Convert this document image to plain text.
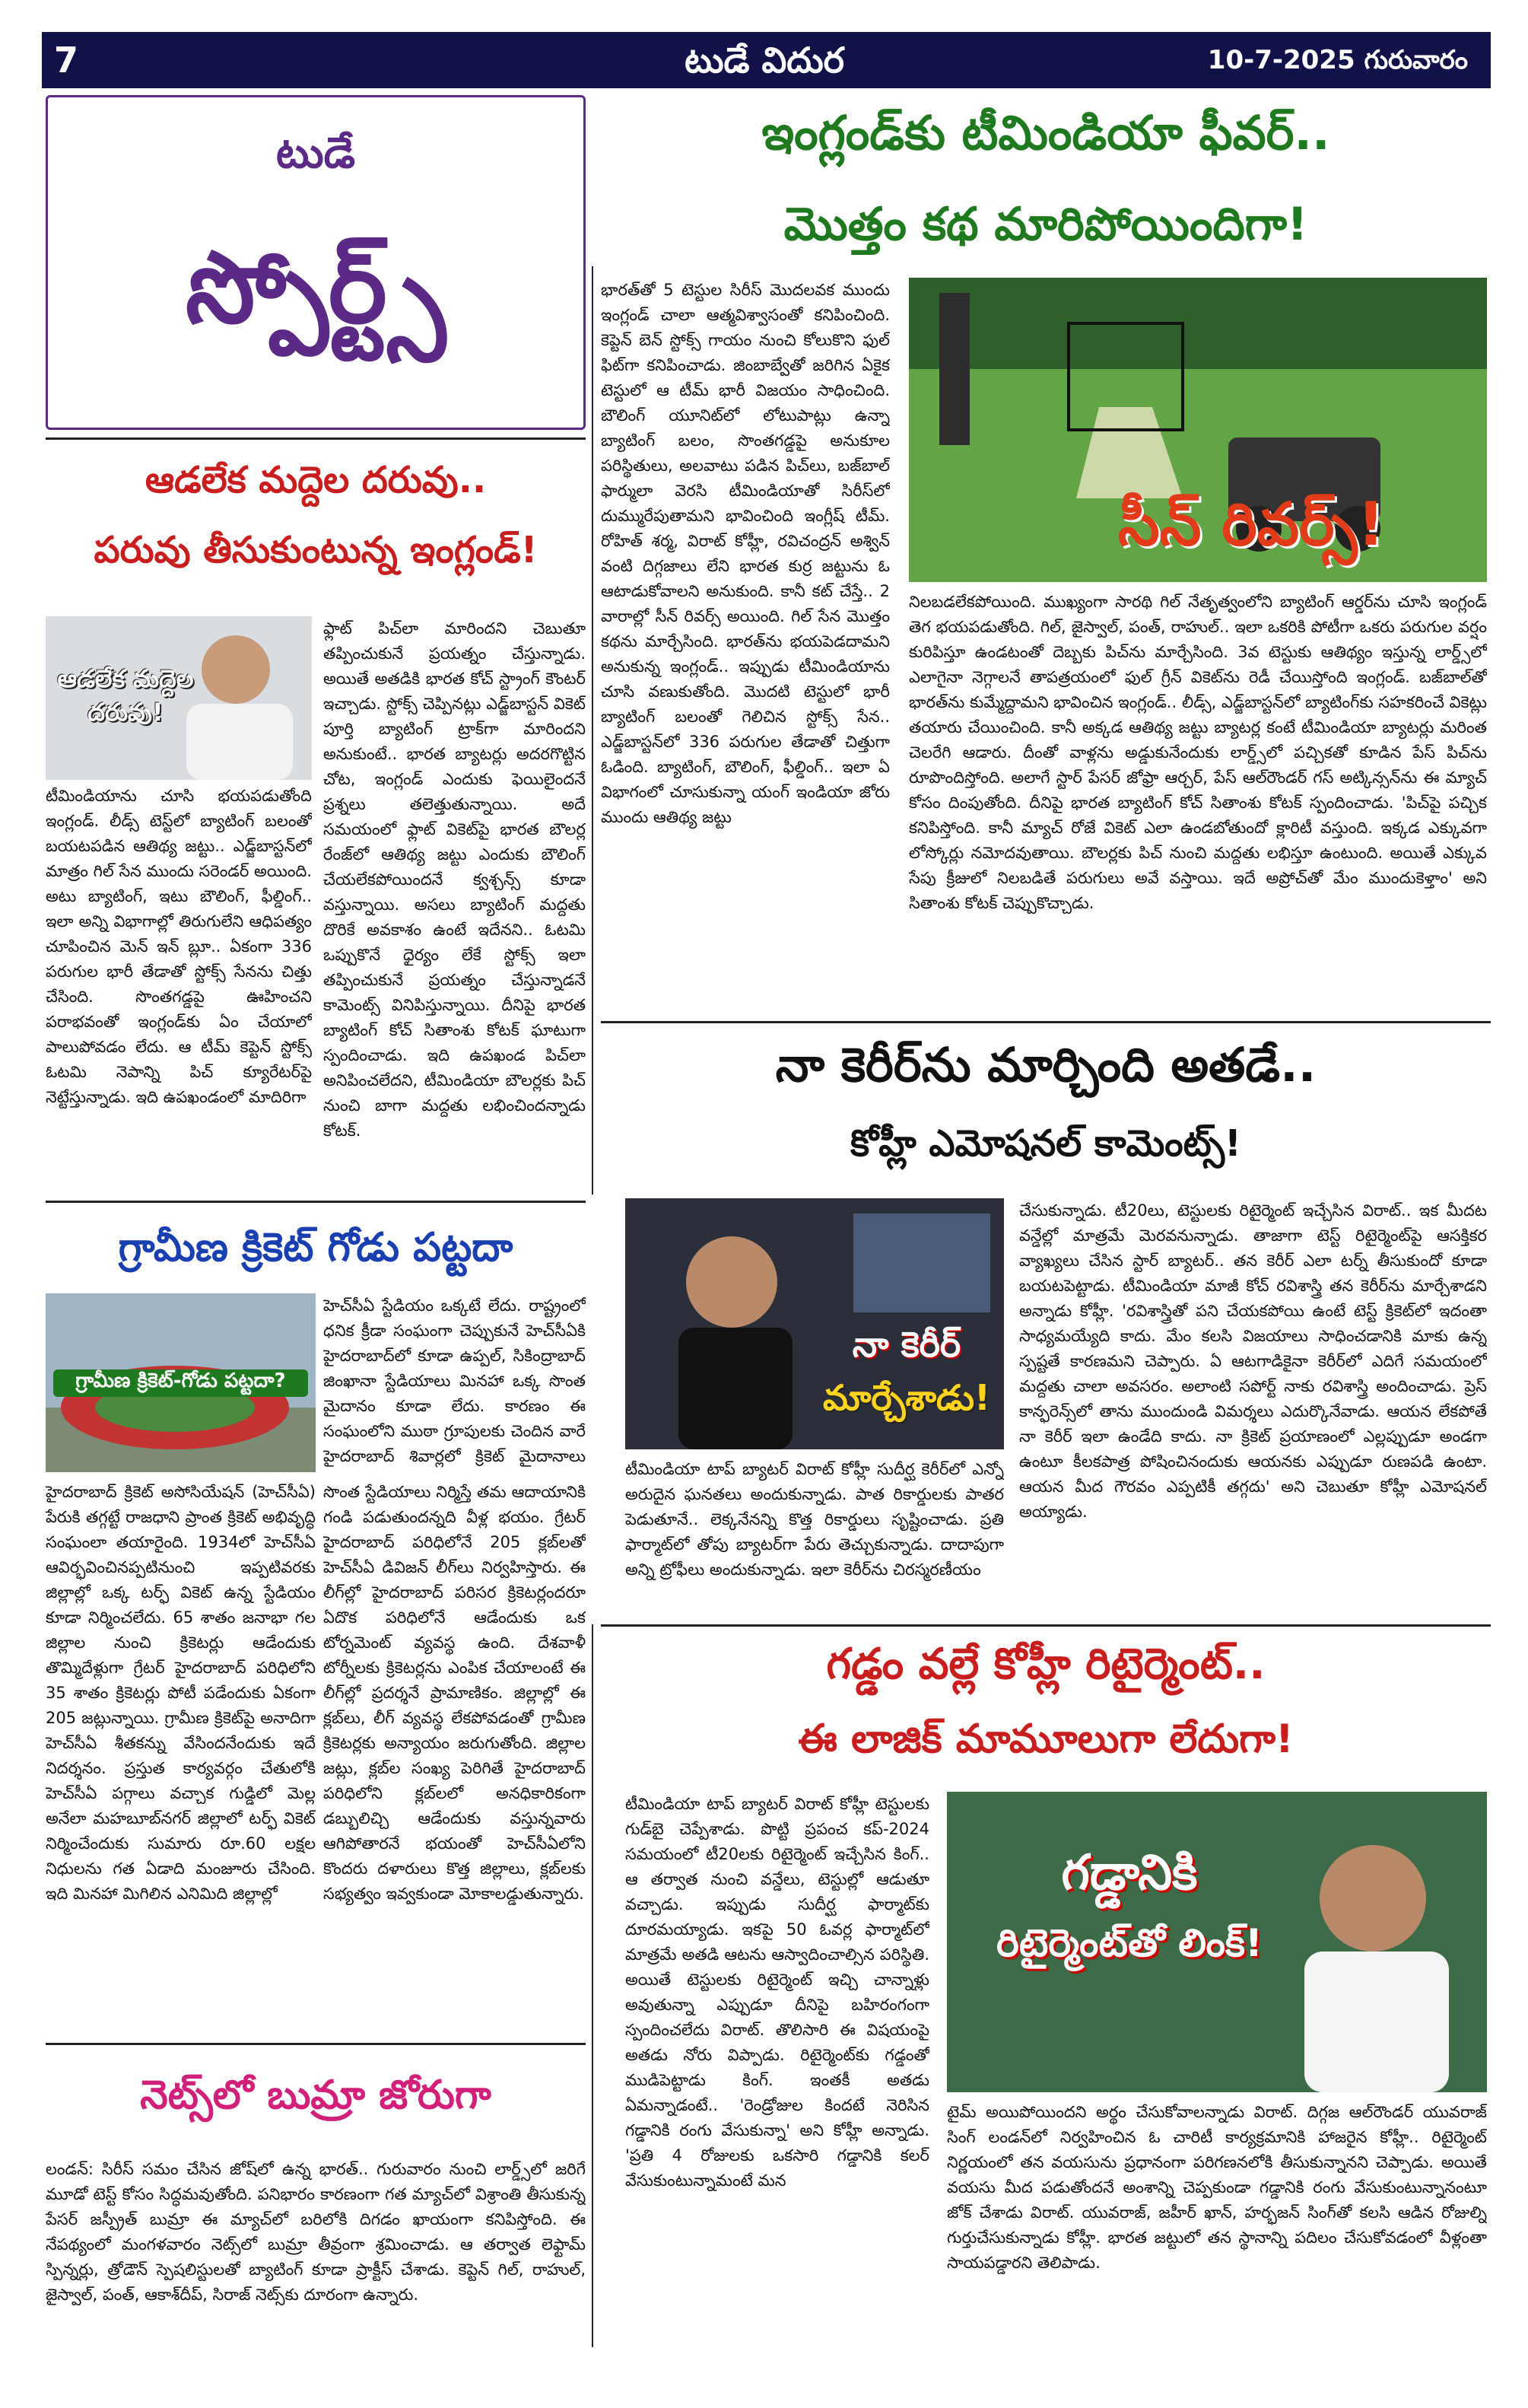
7	టుడే విదుర	10-7-2025 గురువారం
టుడే
స్పోర్ట్స్
ఇంగ్లండ్‌కు టీమిండియా ఫీవర్..
మొత్తం కథ మారిపోయిందిగా!
భారత్‌తో 5 టెస్టుల సిరీస్ మొదలవక ముందు ఇంగ్లండ్ చాలా ఆత్మవిశ్వాసంతో కనిపించింది. కెప్టెన్ బెన్ స్టోక్స్ గాయం నుంచి కోలుకొని ఫుల్ ఫిట్‌గా కనిపించాడు. జింబాబ్వేతో జరిగిన ఏకైక టెస్టులో ఆ టీమ్ భారీ విజయం సాధించింది. బౌలింగ్ యూనిట్‌లో లోటుపాట్లు ఉన్నా బ్యాటింగ్ బలం, సొంతగడ్డపై అనుకూల పరిస్థితులు, అలవాటు పడిన పిచ్‌లు, బజ్‌బాల్ ఫార్ములా వెరసి టీమిండియాతో సిరీస్‌లో దుమ్మురేపుతామని భావించింది ఇంగ్లీష్ టీమ్. రోహిత్ శర్మ, విరాట్ కోహ్లీ, రవిచంద్రన్ అశ్విన్ వంటి దిగ్గజాలు లేని భారత కుర్ర జట్టును ఓ ఆటాడుకోవాలని అనుకుంది. కానీ కట్ చేస్తే.. 2 వారాల్లో సీన్ రివర్స్ అయింది. గిల్ సేన మొత్తం కథను మార్చేసింది. భారత్‌ను భయపెడదామని అనుకున్న ఇంగ్లండ్.. ఇప్పుడు టీమిండియాను చూసి వణుకుతోంది. మొదటి టెస్టులో భారీ బ్యాటింగ్ బలంతో గెలిచిన స్టోక్స్ సేన.. ఎడ్జ్‌బాస్టన్‌లో 336 పరుగుల తేడాతో చిత్తుగా ఓడింది. బ్యాటింగ్, బౌలింగ్, ఫీల్డింగ్.. ఇలా ఏ విభాగంలో చూసుకున్నా యంగ్ ఇండియా జోరు ముందు ఆతిథ్య జట్టు
సీన్ రివర్స్!
నిలబడలేకపోయింది. ముఖ్యంగా సారథి గిల్ నేతృత్వంలోని బ్యాటింగ్ ఆర్డర్‌ను చూసి ఇంగ్లండ్ తెగ భయపడుతోంది. గిల్, జైస్వాల్, పంత్, రాహుల్.. ఇలా ఒకరికి పోటీగా ఒకరు పరుగుల వర్షం కురిపిస్తూ ఉండటంతో దెబ్బకు పిచ్‌ను మార్చేసింది. 3వ టెస్టుకు ఆతిథ్యం ఇస్తున్న లార్డ్స్‌లో ఎలాగైనా నెగ్గాలనే తాపత్రయంలో ఫుల్ గ్రీన్ వికెట్‌ను రెడీ చేయిస్తోంది ఇంగ్లండ్. బజ్‌బాల్‌తో భారత్‌ను కుమ్మేద్దామని భావించిన ఇంగ్లండ్.. లీడ్స్, ఎడ్జ్‌బాస్టన్‌లో బ్యాటింగ్‌కు సహకరించే వికెట్లు తయారు చేయించింది. కానీ అక్కడ ఆతిథ్య జట్టు బ్యాటర్ల కంటే టీమిండియా బ్యాటర్లు మరింత చెలరేగి ఆడారు. దీంతో వాళ్లను అడ్డుకునేందుకు లార్డ్స్‌లో పచ్చికతో కూడిన పేస్ పిచ్‌ను రూపొందిస్తోంది. అలాగే స్టార్ పేసర్ జోఫ్రా ఆర్చర్, పేస్ ఆల్‌రౌండర్ గస్ అట్కిన్సన్‌ను ఈ మ్యాచ్ కోసం దింపుతోంది. దీనిపై భారత బ్యాటింగ్ కోచ్ సితాంశు కోటక్ స్పందించాడు. 'పిచ్‌పై పచ్చిక కనిపిస్తోంది. కానీ మ్యాచ్ రోజే వికెట్ ఎలా ఉండబోతుందో క్లారిటీ వస్తుంది. ఇక్కడ ఎక్కువగా లోస్కోర్లు నమోదవుతాయి. బౌలర్లకు పిచ్ నుంచి మద్దతు లభిస్తూ ఉంటుంది. అయితే ఎక్కువ సేపు క్రీజులో నిలబడితే పరుగులు అవే వస్తాయి. ఇదే అప్రోచ్‌తో మేం ముందుకెళ్తాం' అని సితాంశు కోటక్ చెప్పుకొచ్చాడు.
ఆడలేక మద్దెల దరువు..
పరువు తీసుకుంటున్న ఇంగ్లండ్!
ఆడలేక మద్దెల దరువు!
టీమిండియాను చూసి భయపడుతోంది ఇంగ్లండ్. లీడ్స్ టెస్ట్‌లో బ్యాటింగ్ బలంతో బయటపడిన ఆతిథ్య జట్టు.. ఎడ్జ్‌బాస్టన్‌లో మాత్రం గిల్ సేన ముందు సరెండర్ అయింది. అటు బ్యాటింగ్, ఇటు బౌలింగ్, ఫీల్డింగ్.. ఇలా అన్ని విభాగాల్లో తిరుగులేని ఆధిపత్యం చూపించిన మెన్ ఇన్ బ్లూ.. ఏకంగా 336 పరుగుల భారీ తేడాతో స్టోక్స్ సేనను చిత్తు చేసింది. సొంతగడ్డపై ఊహించని పరాభవంతో ఇంగ్లండ్‌కు ఏం చేయాలో పాలుపోవడం లేదు. ఆ టీమ్ కెప్టెన్ స్టోక్స్ ఓటమి నెపాన్ని పిచ్ క్యూరేటర్‌పై నెట్టేస్తున్నాడు. ఇది ఉపఖండంలో మాదిరిగా
ఫ్లాట్ పిచ్‌లా మారిందని చెబుతూ తప్పించుకునే ప్రయత్నం చేస్తున్నాడు. అయితే అతడికి భారత కోచ్ స్ట్రాంగ్ కౌంటర్ ఇచ్చాడు. స్టోక్స్ చెప్పినట్లు ఎడ్జ్‌బాస్టన్ వికెట్ పూర్తి బ్యాటింగ్ ట్రాక్‌గా మారిందని అనుకుంటే.. భారత బ్యాటర్లు అదరగొట్టిన చోట, ఇంగ్లండ్ ఎందుకు ఫెయిలైందనే ప్రశ్నలు తలెత్తుతున్నాయి. అదే సమయంలో ఫ్లాట్ వికెట్‌పై భారత బౌలర్ల రేంజ్‌లో ఆతిథ్య జట్టు ఎందుకు బౌలింగ్ చేయలేకపోయిందనే క్వశ్చన్స్ కూడా వస్తున్నాయి. అసలు బ్యాటింగ్ మద్దతు దొరికే అవకాశం ఉంటే ఇదేనని.. ఓటమి ఒప్పుకొనే ధైర్యం లేకే స్టోక్స్ ఇలా తప్పించుకునే ప్రయత్నం చేస్తున్నాడనే కామెంట్స్ వినిపిస్తున్నాయి. దీనిపై భారత బ్యాటింగ్ కోచ్ సితాంశు కోటక్ ఘాటుగా స్పందించాడు. ఇది ఉపఖండ పిచ్‌లా అనిపించలేదని, టీమిండియా బౌలర్లకు పిచ్ నుంచి బాగా మద్దతు లభించిందన్నాడు కోటక్.
నా కెరీర్‌ను మార్చింది అతడే..
కోహ్లీ ఎమోషనల్ కామెంట్స్!
నా కెరీర్
మార్చేశాడు!
టీమిండియా టాప్ బ్యాటర్ విరాట్ కోహ్లీ సుదీర్ఘ కెరీర్‌లో ఎన్నో అరుదైన ఘనతలు అందుకున్నాడు. పాత రికార్డులకు పాతర పెడుతూనే.. లెక్కనేనన్ని కొత్త రికార్డులు సృష్టించాడు. ప్రతి ఫార్మాట్‌లో తోపు బ్యాటర్‌గా పేరు తెచ్చుకున్నాడు. దాదాపుగా అన్ని ట్రోఫీలు అందుకున్నాడు. ఇలా కెరీర్‌ను చిరస్మరణీయం
చేసుకున్నాడు. టీ20లు, టెస్టులకు రిటైర్మెంట్ ఇచ్చేసిన విరాట్.. ఇక మీదట వన్డేల్లో మాత్రమే మెరవనున్నాడు. తాజాగా టెస్ట్ రిటైర్మెంట్‌పై ఆసక్తికర వ్యాఖ్యలు చేసిన స్టార్ బ్యాటర్.. తన కెరీర్ ఎలా టర్న్ తీసుకుందో కూడా బయటపెట్టాడు. టీమిండియా మాజీ కోచ్ రవిశాస్త్రి తన కెరీర్‌ను మార్చేశాడని అన్నాడు కోహ్లీ. 'రవిశాస్త్రితో పని చేయకపోయి ఉంటే టెస్ట్ క్రికెట్‌లో ఇదంతా సాధ్యమయ్యేది కాదు. మేం కలసి విజయాలు సాధించడానికి మాకు ఉన్న స్పష్టతే కారణమని చెప్పారు. ఏ ఆటగాడికైనా కెరీర్‌లో ఎదిగే సమయంలో మద్దతు చాలా అవసరం. అలాంటి సపోర్ట్ నాకు రవిశాస్త్రి అందించాడు. ప్రెస్ కాన్ఫరెన్స్‌లో తాను ముందుండి విమర్శలు ఎదుర్కొనేవాడు. ఆయన లేకపోతే నా కెరీర్ ఇలా ఉండేది కాదు. నా క్రికెట్ ప్రయాణంలో ఎల్లప్పుడూ అండగా ఉంటూ కీలకపాత్ర పోషించినందుకు ఆయనకు ఎప్పుడూ రుణపడి ఉంటా. ఆయన మీద గౌరవం ఎప్పటికీ తగ్గదు' అని చెబుతూ కోహ్లీ ఎమోషనల్ అయ్యాడు.
గ్రామీణ క్రికెట్ గోడు పట్టదా
గ్రామీణ క్రికెట్-గోడు పట్టదా?
హెచ్‌సీఏ స్టేడియం ఒక్కటే లేదు. రాష్ట్రంలో ధనిక క్రీడా సంఘంగా చెప్పుకునే హెచ్‌సీఏకి హైదరాబాద్‌లో కూడా ఉప్పల్, సికింద్రాబాద్ జింఖానా స్టేడియాలు మినహా ఒక్క సొంత మైదానం కూడా లేదు. కారణం ఈ సంఘంలోని ముఠా గ్రూపులకు చెందిన వారే హైదరాబాద్ శివార్లలో క్రికెట్ మైదానాలు
హైదరాబాద్ క్రికెట్ అసోసియేషన్ (హెచ్‌సీఏ) పేరుకి తగ్గట్టే రాజధాని ప్రాంత క్రికెట్ అభివృద్ధి సంఘంలా తయారైంది. 1934లో హెచ్‌సీఏ ఆవిర్భవించినప్పటినుంచి ఇప్పటివరకు జిల్లాల్లో ఒక్క టర్ఫ్ వికెట్ ఉన్న స్టేడియం కూడా నిర్మించలేదు. 65 శాతం జనాభా గల జిల్లాల నుంచి క్రికెటర్లు ఆడేందుకు తొమ్మిదేళ్లుగా గ్రేటర్ హైదరాబాద్ పరిధిలోని 35 శాతం క్రికెటర్లు పోటీ పడేందుకు ఏకంగా 205 జట్లున్నాయి. గ్రామీణ క్రికెట్‌పై అనాదిగా హెచ్‌సీఏ శీతకన్ను వేసిందనేందుకు ఇదే నిదర్శనం. ప్రస్తుత కార్యవర్గం చేతులోకి హెచ్‌సీఏ పగ్గాలు వచ్చాక గుడ్డిలో మెల్ల అనేలా మహబూబ్‌నగర్ జిల్లాలో టర్ఫ్ వికెట్ నిర్మించేందుకు సుమారు రూ.60 లక్షల నిధులను గత ఏడాది మంజూరు చేసింది. ఇది మినహా మిగిలిన ఎనిమిది జిల్లాల్లో
సొంత స్టేడియాలు నిర్మిస్తే తమ ఆదాయానికి గండి పడుతుందన్నది వీళ్ల భయం. గ్రేటర్ హైదరాబాద్ పరిధిలోనే 205 క్లబ్‌లతో హెచ్‌సీఏ డివిజన్ లీగ్‌లు నిర్వహిస్తారు. ఈ లీగ్‌ల్లో హైదరాబాద్ పరిసర క్రికెటర్లందరూ ఏదొక పరిధిలోనే ఆడేందుకు ఒక టోర్నమెంట్ వ్యవస్థ ఉంది. దేశవాళీ టోర్నీలకు క్రికెటర్లను ఎంపిక చేయాలంటే ఈ లీగ్‌ల్లో ప్రదర్శనే ప్రామాణికం. జిల్లాల్లో ఈ క్లబ్‌లు, లీగ్ వ్యవస్థ లేకపోవడంతో గ్రామీణ క్రికెటర్లకు అన్యాయం జరుగుతోంది. జిల్లాల జట్లు, క్లబ్‌ల సంఖ్య పెరిగితే హైదరాబాద్ పరిధిలోని క్లబ్‌లలో అనధికారికంగా డబ్బులిచ్చి ఆడేందుకు వస్తున్నవారు ఆగిపోతారనే భయంతో హెచ్‌సీఏలోని కొందరు దళారులు కొత్త జిల్లాలు, క్లబ్‌లకు సభ్యత్వం ఇవ్వకుండా మోకాలడ్డుతున్నారు.
గడ్డం వల్లే కోహ్లీ రిటైర్మెంట్..
ఈ లాజిక్ మామూలుగా లేదుగా!
టీమిండియా టాప్ బ్యాటర్ విరాట్ కోహ్లీ టెస్టులకు గుడ్‌బై చెప్పేశాడు. పొట్టి ప్రపంచ కప్-2024 సమయంలో టీ20లకు రిటైర్మెంట్ ఇచ్చేసిన కింగ్.. ఆ తర్వాత నుంచి వన్డేలు, టెస్టుల్లో ఆడుతూ వచ్చాడు. ఇప్పుడు సుదీర్ఘ ఫార్మాట్‌కు దూరమయ్యాడు. ఇకపై 50 ఓవర్ల ఫార్మాట్‌లో మాత్రమే అతడి ఆటను ఆస్వాదించాల్సిన పరిస్థితి. అయితే టెస్టులకు రిటైర్మెంట్ ఇచ్చి చాన్నాళ్లు అవుతున్నా ఎప్పుడూ దీనిపై బహిరంగంగా స్పందించలేదు విరాట్. తొలిసారి ఈ విషయంపై అతడు నోరు విప్పాడు. రిటైర్మెంట్‌కు గడ్డంతో ముడిపెట్టాడు కింగ్. ఇంతకీ అతడు ఏమన్నాడంటే.. 'రెండ్రోజుల కిందటే నెరిసిన గడ్డానికి రంగు వేసుకున్నా' అని కోహ్లీ అన్నాడు. 'ప్రతి 4 రోజులకు ఒకసారి గడ్డానికి కలర్ వేసుకుంటున్నామంటే మన
గడ్డానికి
రిటైర్మెంట్‌తో లింక్!
టైమ్ అయిపోయిందని అర్థం చేసుకోవాలన్నాడు విరాట్. దిగ్గజ ఆల్‌రౌండర్ యువరాజ్ సింగ్ లండన్‌లో నిర్వహించిన ఓ చారిటీ కార్యక్రమానికి హాజరైన కోహ్లీ.. రిటైర్మెంట్ నిర్ణయంలో తన వయసును ప్రధానంగా పరిగణనలోకి తీసుకున్నానని చెప్పాడు. అయితే వయసు మీద పడుతోందనే అంశాన్ని చెప్పకుండా గడ్డానికి రంగు వేసుకుంటున్నానంటూ జోక్ చేశాడు విరాట్. యువరాజ్, జహీర్ ఖాన్, హర్భజన్ సింగ్‌తో కలసి ఆడిన రోజుల్ని గుర్తుచేసుకున్నాడు కోహ్లీ. భారత జట్టులో తన స్థానాన్ని పదిలం చేసుకోవడంలో వీళ్లంతా సాయపడ్డారని తెలిపాడు.
నెట్స్‌లో బుమ్రా జోరుగా
లండన్: సిరీస్ సమం చేసిన జోష్‌లో ఉన్న భారత్.. గురువారం నుంచి లార్డ్స్‌లో జరిగే మూడో టెస్ట్ కోసం సిద్ధమవుతోంది. పనిభారం కారణంగా గత మ్యాచ్‌లో విశ్రాంతి తీసుకున్న పేసర్ జస్ప్రీత్ బుమ్రా ఈ మ్యాచ్‌లో బరిలోకి దిగడం ఖాయంగా కనిపిస్తోంది. ఈ నేపథ్యంలో మంగళవారం నెట్స్‌లో బుమ్రా తీవ్రంగా శ్రమించాడు. ఆ తర్వాత లెఫ్టామ్ స్పిన్నర్లు, త్రోడౌన్ స్పెషలిస్టులతో బ్యాటింగ్ కూడా ప్రాక్టీస్ చేశాడు. కెప్టెన్ గిల్, రాహుల్, జైస్వాల్, పంత్, ఆకాశ్‌దీప్, సిరాజ్ నెట్స్‌కు దూరంగా ఉన్నారు.
